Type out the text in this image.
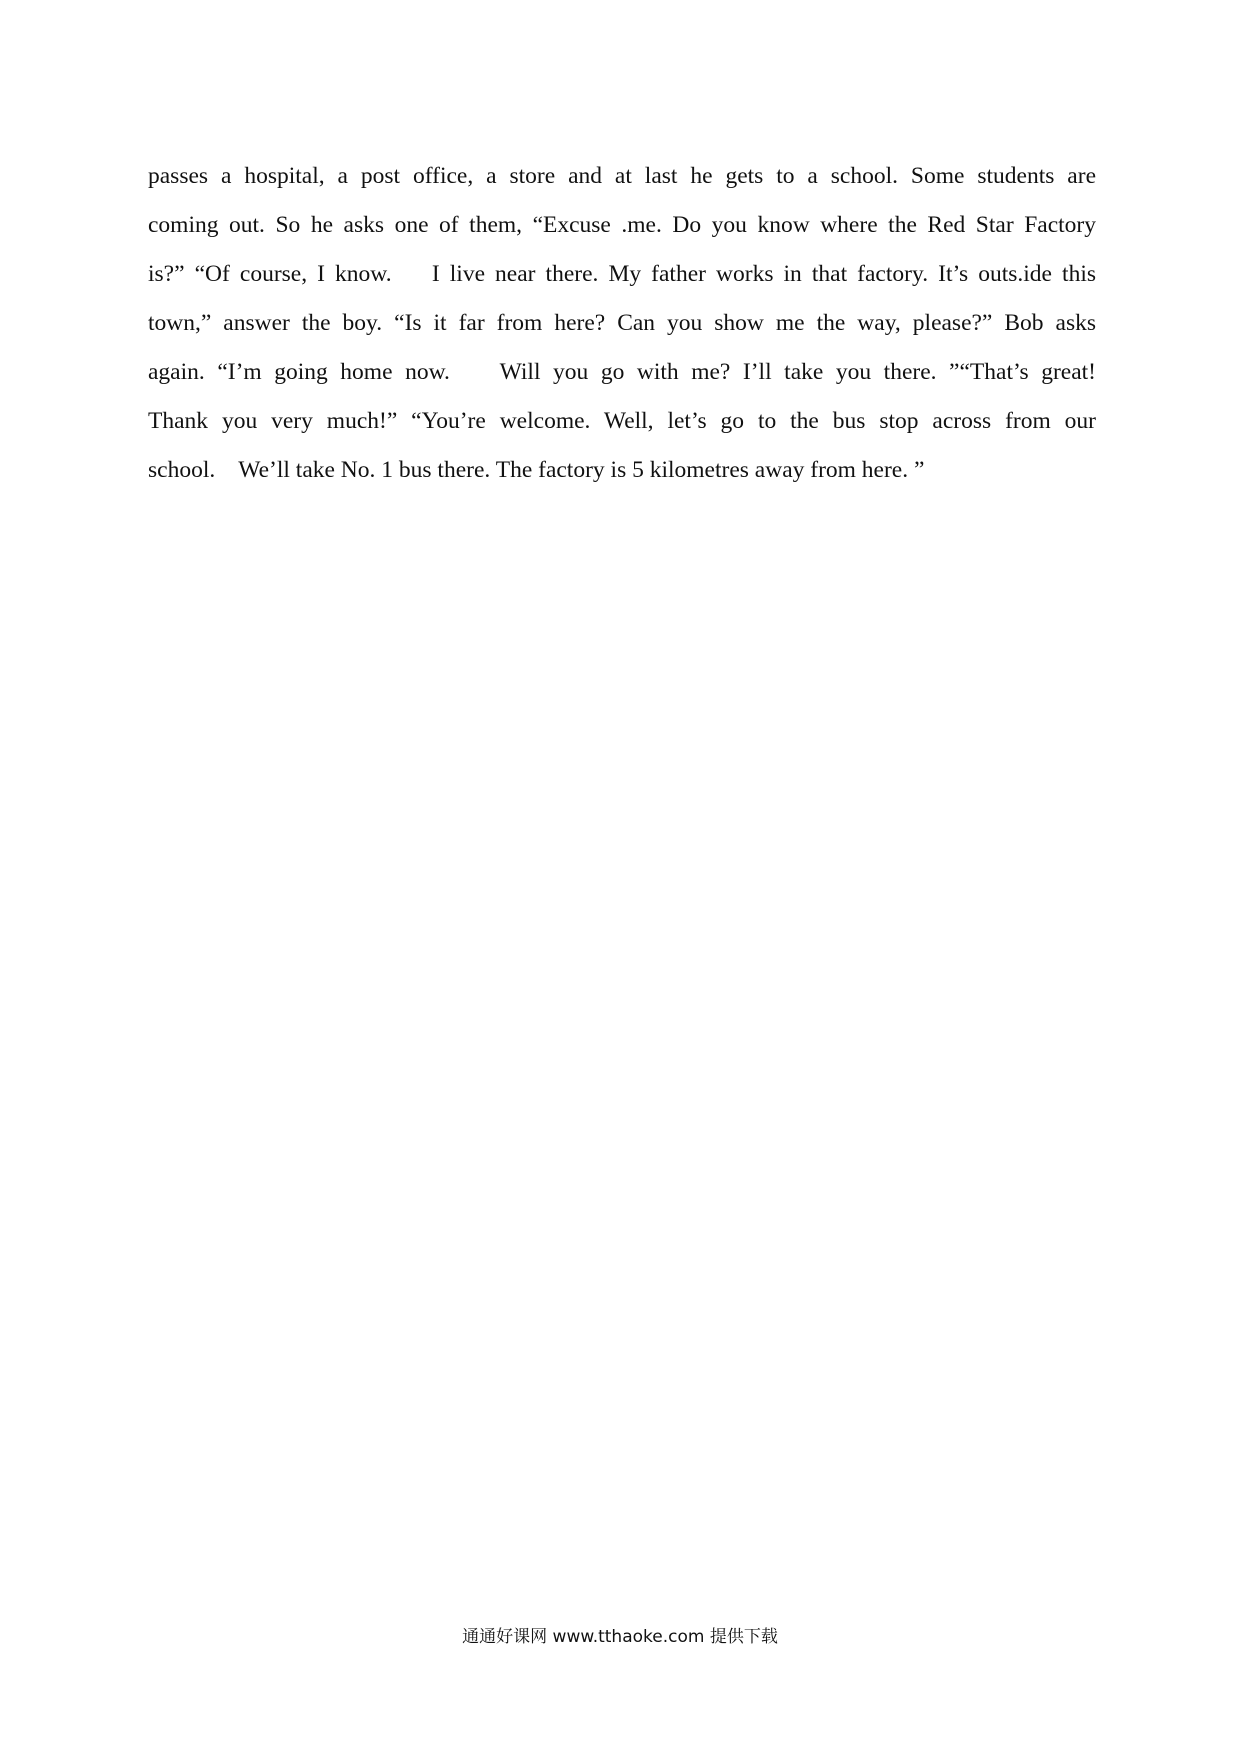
passes a hospital, a post office, a store and at last he gets to a school. Some students are
coming out. So he asks one of them, “Excuse .me. Do you know where the Red Star Factory
is?” “Of course, I know.    I live near there. My father works in that factory. It’s outs.ide this
town,” answer the boy. “Is it far from here? Can you show me the way, please?” Bob asks
again. “I’m going home now.    Will you go with me? I’ll take you there. ”“That’s great!
Thank you very much!” “You’re welcome. Well, let’s go to the bus stop across from our
school.    We’ll take No. 1 bus there. The factory is 5 kilometres away from here. ”
通通好课网 www.tthaoke.com 提供下载
